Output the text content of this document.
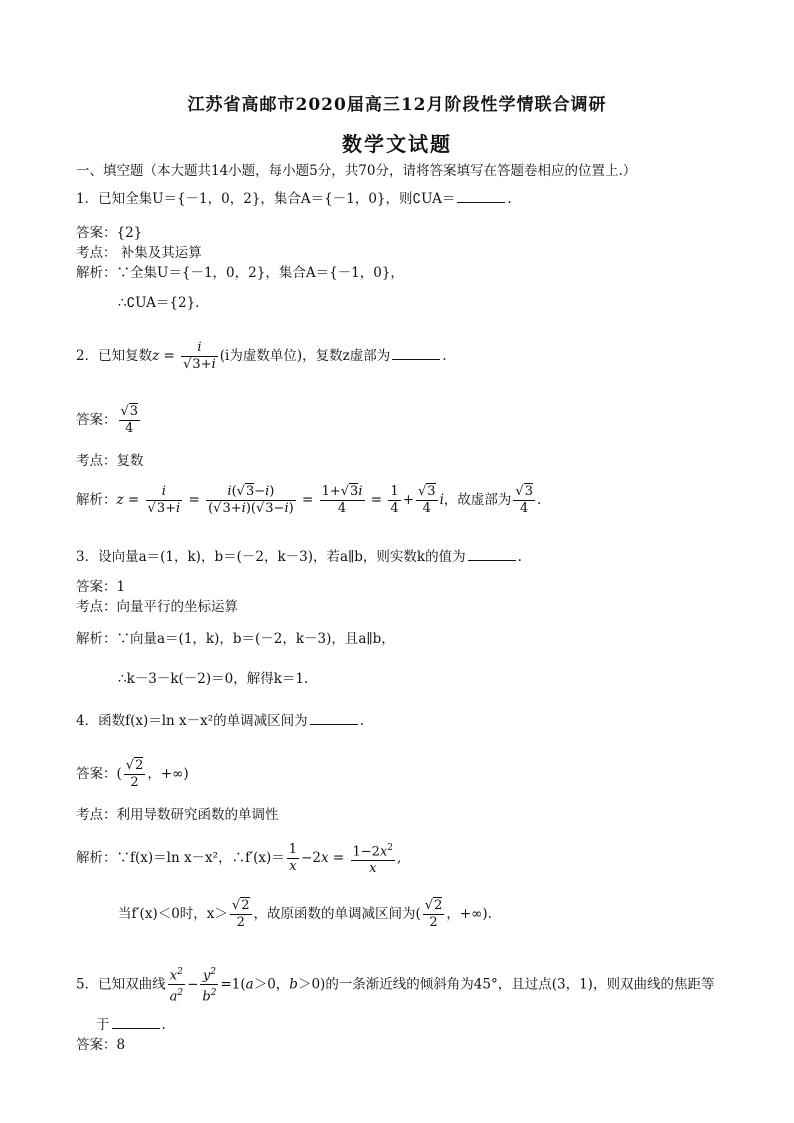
江苏省高邮市2020届高三12月阶段性学情联合调研
数学文试题
一、填空题（本大题共14小题，每小题5分，共70分，请将答案填写在答题卷相应的位置上.）
1．已知全集U＝{－1，0，2}，集合A＝{－1，0}，则∁UA＝	.
答案：{2}
考点： 补集及其运算
解析：∵全集U＝{－1，0，2}，集合A＝{－1，0}，
∴∁UA＝{2}.
2．已知复数$z = \frac{i}{√3+i} (i$为虚数单位)，复数z虚部为	.
答案： $\frac{√3}{4}$
考点：复数
解析：$z = \frac{i}{√3+i} = \frac{i(√3-i)}{(√3+i)(√3-i)} = \frac{1+√3i}{4} = \frac{1}{4} + \frac{√3}{4}$ i，故虚部为 $\frac{√3}{4}$ .
3．设向量a＝(1，k)，b＝(－2，k－3)，若a∥b，则实数k的值为	.
答案：1
考点：向量平行的坐标运算
解析：∵向量a＝(1，k)，b＝(－2，k－3)，且a∥b，
∴k－3－k(－2)＝0，解得k＝1.
4．函数f(x)＝ln x－x²的单调减区间为	.
答案：( $\frac{√2}{2}$ ，+∞)
考点：利用导数研究函数的单调性
解析：∵f(x)＝ln x－x²，∴f′(x)＝ $\frac{1}{x} -2x = \frac{1-2x^2}{x}$ ,
当f′(x)＜0时，$x> \frac{√2}{2}$ ，故原函数的单调减区间为( $\frac{√2}{2}$ ，+∞).
5．已知双曲线 $\frac{x^2}{a^2} - \frac{y^2}{b^2} =1(a>0$，b＞0)的一条渐近线的倾斜角为45°，且过点(3，1)，则双曲线的焦距等
于	.
答案：8
